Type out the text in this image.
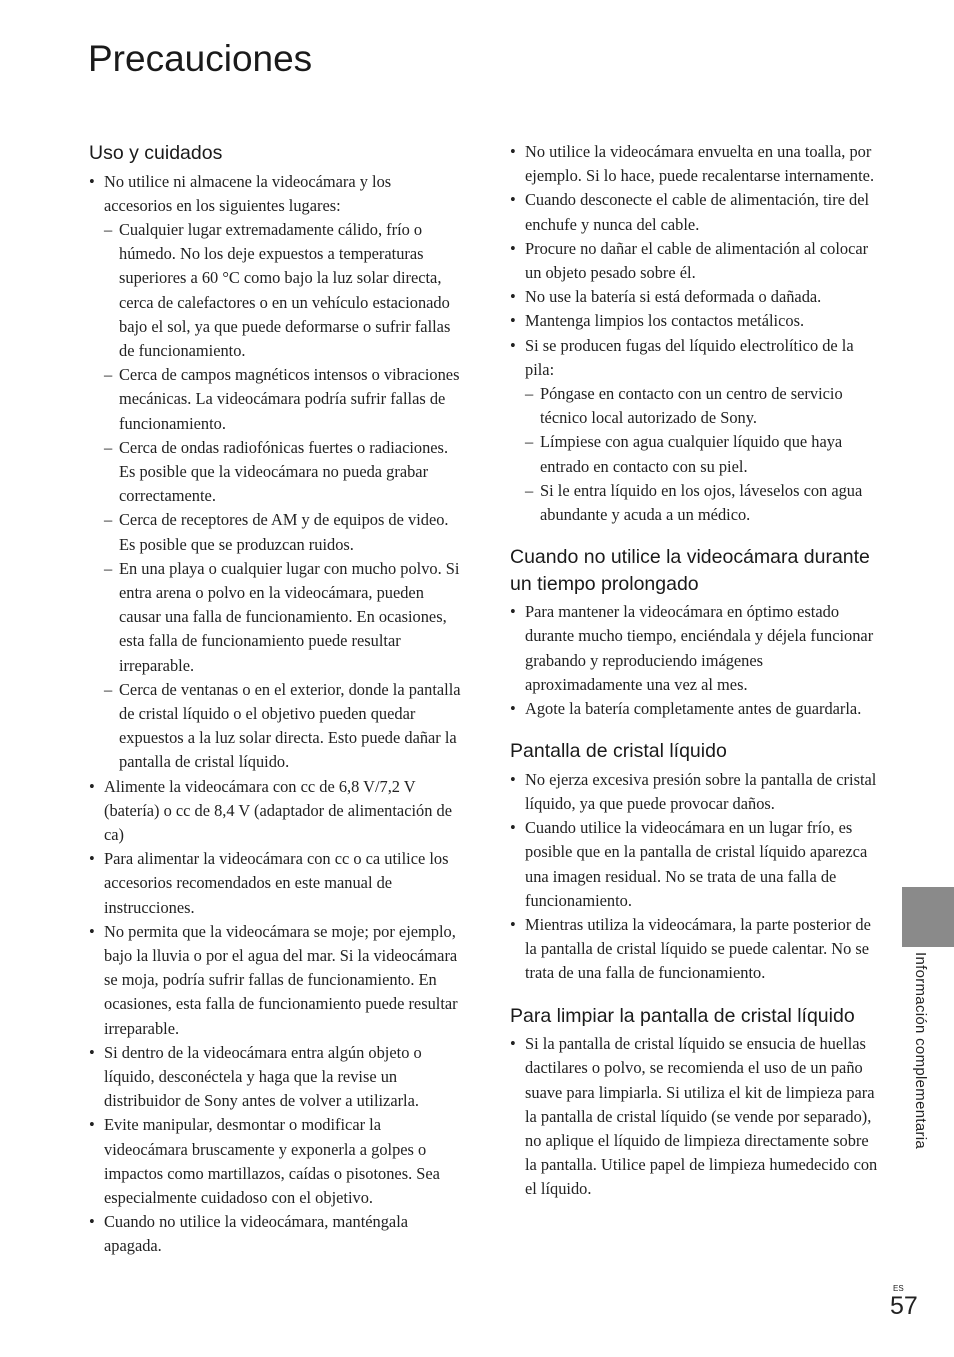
Precauciones
Uso y cuidados
• No utilice ni almacene la videocámara y los accesorios en los siguientes lugares:
– Cualquier lugar extremadamente cálido, frío o húmedo. No los deje expuestos a temperaturas superiores a 60 °C como bajo la luz solar directa, cerca de calefactores o en un vehículo estacionado bajo el sol, ya que puede deformarse o sufrir fallas de funcionamiento.
– Cerca de campos magnéticos intensos o vibraciones mecánicas. La videocámara podría sufrir fallas de funcionamiento.
– Cerca de ondas radiofónicas fuertes o radiaciones. Es posible que la videocámara no pueda grabar correctamente.
– Cerca de receptores de AM y de equipos de video. Es posible que se produzcan ruidos.
– En una playa o cualquier lugar con mucho polvo. Si entra arena o polvo en la videocámara, pueden causar una falla de funcionamiento. En ocasiones, esta falla de funcionamiento puede resultar irreparable.
– Cerca de ventanas o en el exterior, donde la pantalla de cristal líquido o el objetivo pueden quedar expuestos a la luz solar directa. Esto puede dañar la pantalla de cristal líquido.
• Alimente la videocámara con cc de 6,8 V/7,2 V (batería) o cc de 8,4 V (adaptador de alimentación de ca)
• Para alimentar la videocámara con cc o ca utilice los accesorios recomendados en este manual de instrucciones.
• No permita que la videocámara se moje; por ejemplo, bajo la lluvia o por el agua del mar. Si la videocámara se moja, podría sufrir fallas de funcionamiento. En ocasiones, esta falla de funcionamiento puede resultar irreparable.
• Si dentro de la videocámara entra algún objeto o líquido, desconéctela y haga que la revise un distribuidor de Sony antes de volver a utilizarla.
• Evite manipular, desmontar o modificar la videocámara bruscamente y exponerla a golpes o impactos como martillazos, caídas o pisotones. Sea especialmente cuidadoso con el objetivo.
• Cuando no utilice la videocámara, manténgala apagada.
• No utilice la videocámara envuelta en una toalla, por ejemplo. Si lo hace, puede recalentarse internamente.
• Cuando desconecte el cable de alimentación, tire del enchufe y nunca del cable.
• Procure no dañar el cable de alimentación al colocar un objeto pesado sobre él.
• No use la batería si está deformada o dañada.
• Mantenga limpios los contactos metálicos.
• Si se producen fugas del líquido electrolítico de la pila:
– Póngase en contacto con un centro de servicio técnico local autorizado de Sony.
– Límpiese con agua cualquier líquido que haya entrado en contacto con su piel.
– Si le entra líquido en los ojos, láveselos con agua abundante y acuda a un médico.
Cuando no utilice la videocámara durante un tiempo prolongado
• Para mantener la videocámara en óptimo estado durante mucho tiempo, enciéndala y déjela funcionar grabando y reproduciendo imágenes aproximadamente una vez al mes.
• Agote la batería completamente antes de guardarla.
Pantalla de cristal líquido
• No ejerza excesiva presión sobre la pantalla de cristal líquido, ya que puede provocar daños.
• Cuando utilice la videocámara en un lugar frío, es posible que en la pantalla de cristal líquido aparezca una imagen residual. No se trata de una falla de funcionamiento.
• Mientras utiliza la videocámara, la parte posterior de la pantalla de cristal líquido se puede calentar. No se trata de una falla de funcionamiento.
Para limpiar la pantalla de cristal líquido
• Si la pantalla de cristal líquido se ensucia de huellas dactilares o polvo, se recomienda el uso de un paño suave para limpiarla. Si utiliza el kit de limpieza para la pantalla de cristal líquido (se vende por separado), no aplique el líquido de limpieza directamente sobre la pantalla. Utilice papel de limpieza humedecido con el líquido.
Información complementaria
ES
57
